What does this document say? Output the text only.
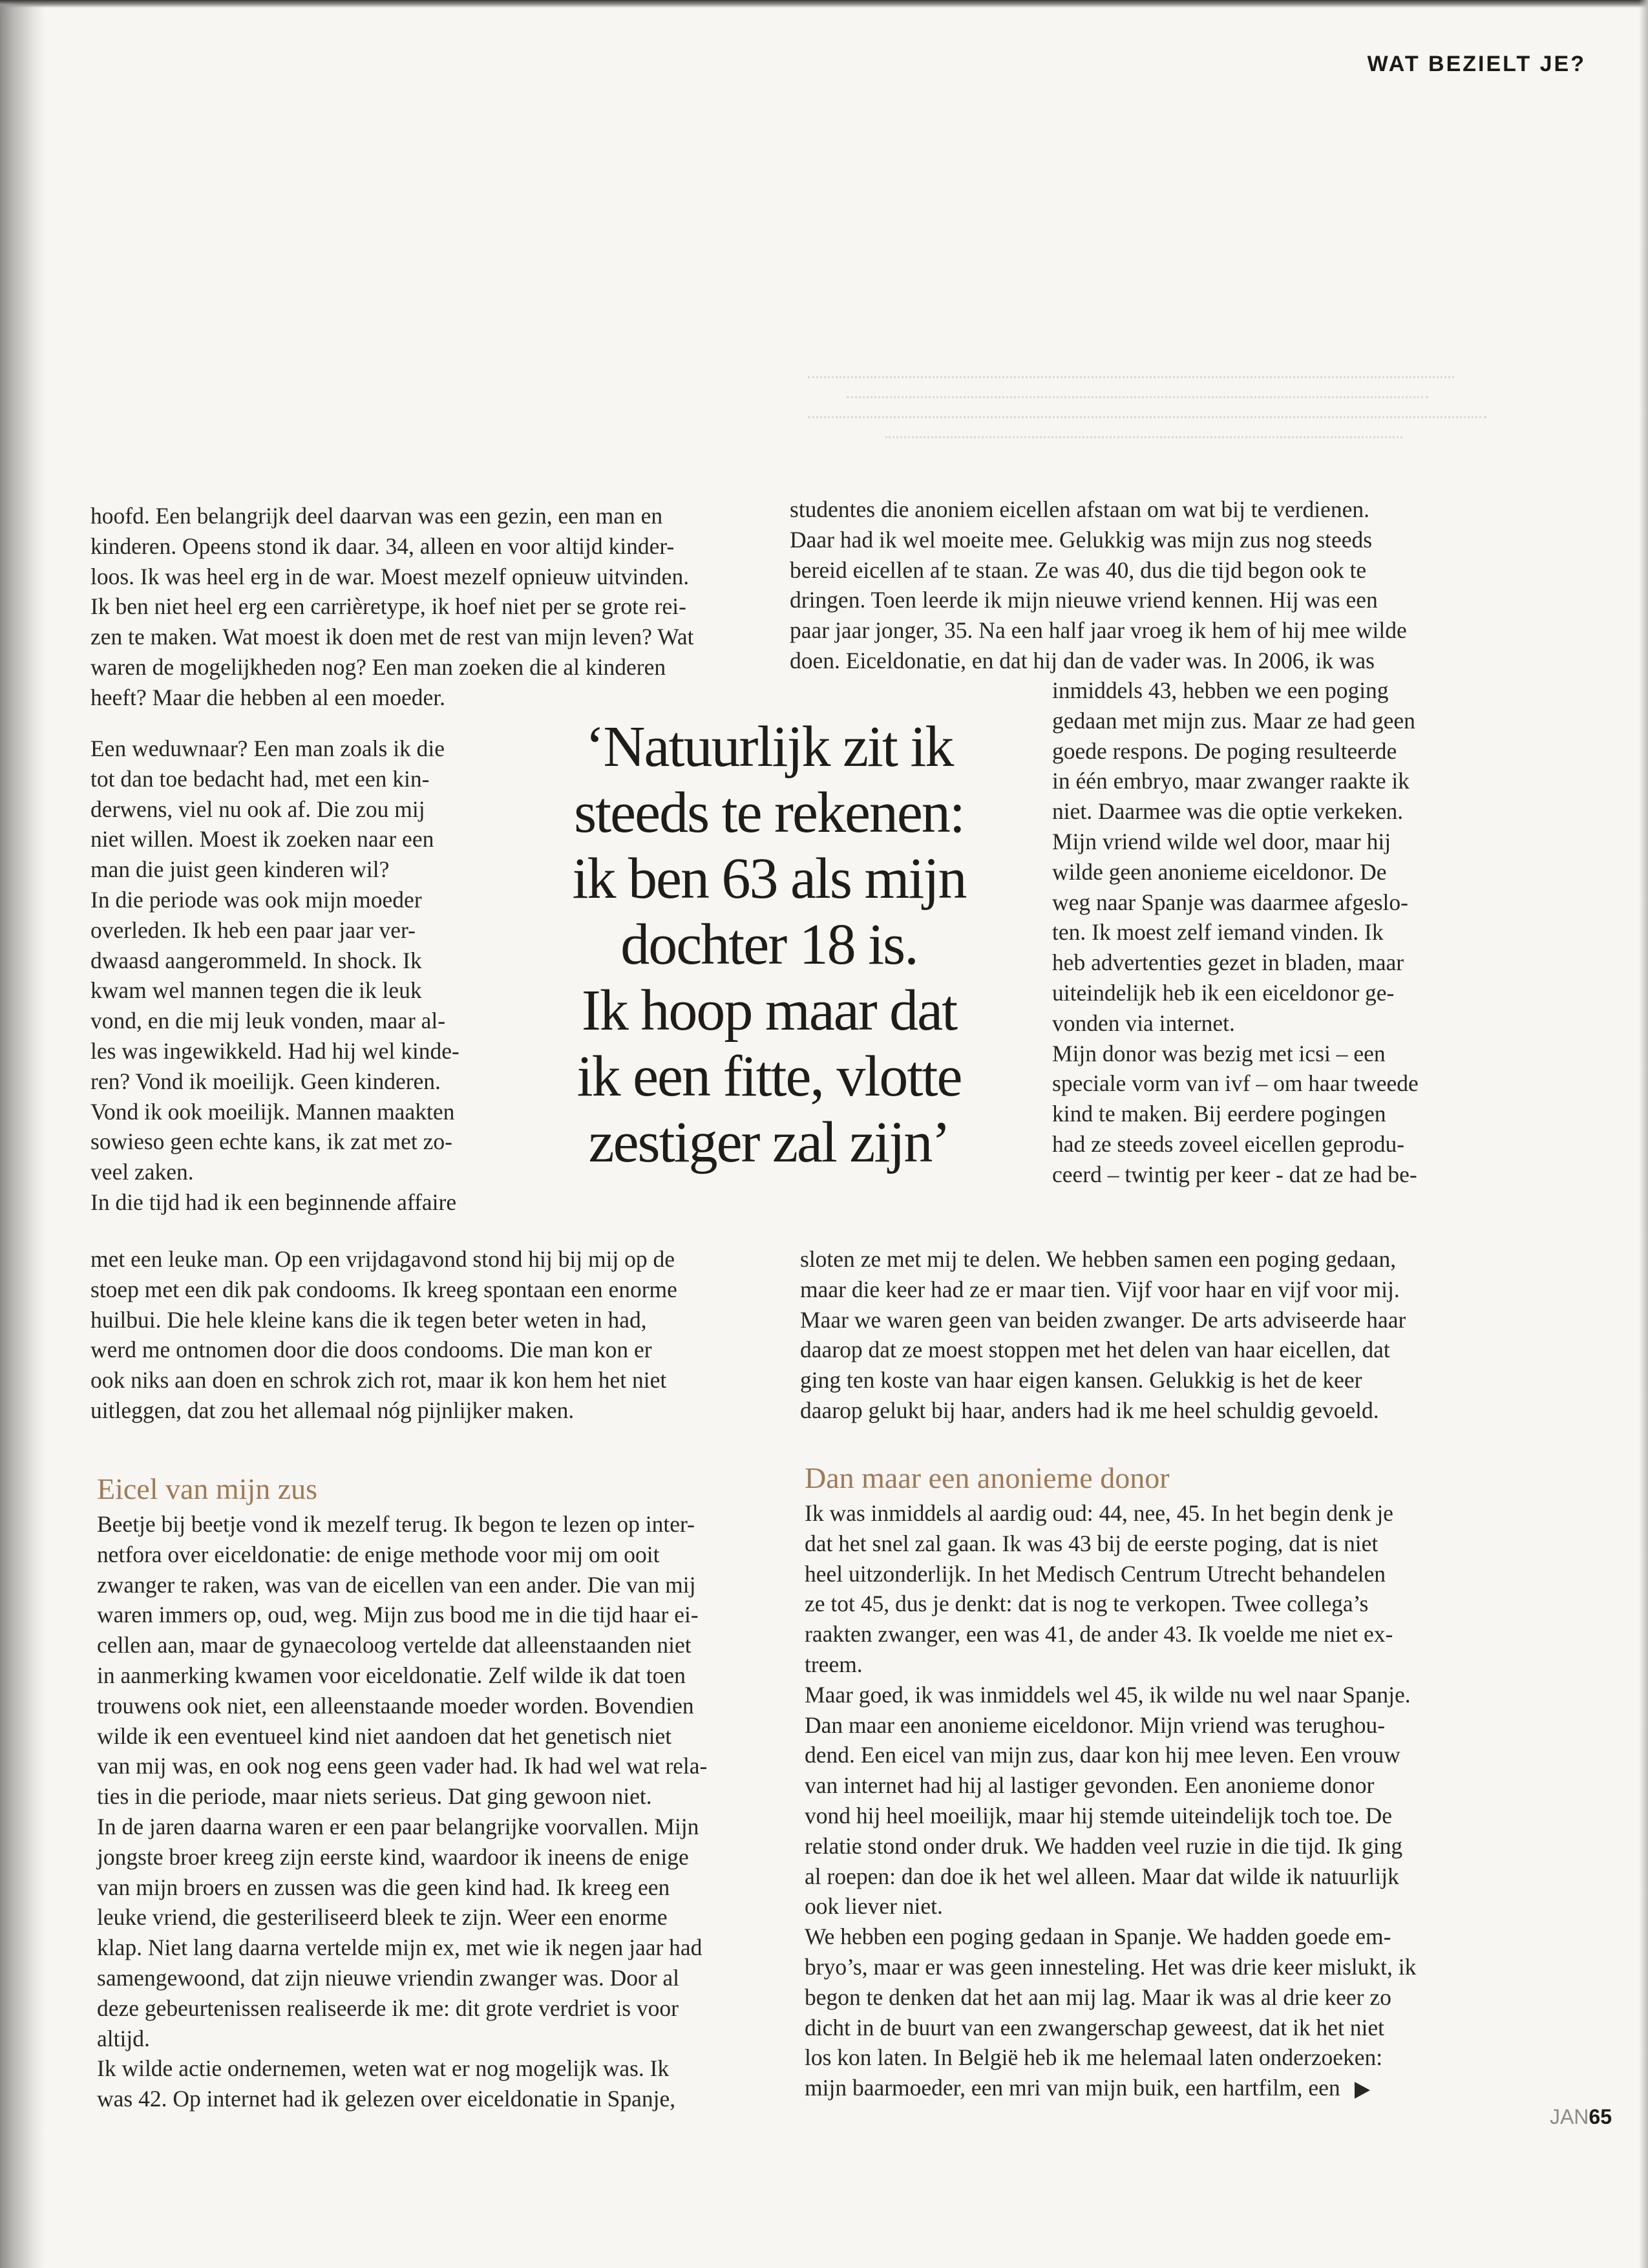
WAT BEZIELT JE?
hoofd. Een belangrijk deel daarvan was een gezin, een man en
kinderen. Opeens stond ik daar. 34, alleen en voor altijd kinder-
loos. Ik was heel erg in de war. Moest mezelf opnieuw uitvinden.
Ik ben niet heel erg een carrièretype, ik hoef niet per se grote rei-
zen te maken. Wat moest ik doen met de rest van mijn leven? Wat
waren de mogelijkheden nog? Een man zoeken die al kinderen
heeft? Maar die hebben al een moeder.
Een weduwnaar? Een man zoals ik die
tot dan toe bedacht had, met een kin-
derwens, viel nu ook af. Die zou mij
niet willen. Moest ik zoeken naar een
man die juist geen kinderen wil?
In die periode was ook mijn moeder
overleden. Ik heb een paar jaar ver-
dwaasd aangerommeld. In shock. Ik
kwam wel mannen tegen die ik leuk
vond, en die mij leuk vonden, maar al-
les was ingewikkeld. Had hij wel kinde-
ren? Vond ik moeilijk. Geen kinderen.
Vond ik ook moeilijk. Mannen maakten
sowieso geen echte kans, ik zat met zo-
veel zaken.
In die tijd had ik een beginnende affaire
met een leuke man. Op een vrijdagavond stond hij bij mij op de
stoep met een dik pak condooms. Ik kreeg spontaan een enorme
huilbui. Die hele kleine kans die ik tegen beter weten in had,
werd me ontnomen door die doos condooms. Die man kon er
ook niks aan doen en schrok zich rot, maar ik kon hem het niet
uitleggen, dat zou het allemaal nóg pijnlijker maken.
Eicel van mijn zus
Beetje bij beetje vond ik mezelf terug. Ik begon te lezen op inter-
netfora over eiceldonatie: de enige methode voor mij om ooit
zwanger te raken, was van de eicellen van een ander. Die van mij
waren immers op, oud, weg. Mijn zus bood me in die tijd haar ei-
cellen aan, maar de gynaecoloog vertelde dat alleenstaanden niet
in aanmerking kwamen voor eiceldonatie. Zelf wilde ik dat toen
trouwens ook niet, een alleenstaande moeder worden. Bovendien
wilde ik een eventueel kind niet aandoen dat het genetisch niet
van mij was, en ook nog eens geen vader had. Ik had wel wat rela-
ties in die periode, maar niets serieus. Dat ging gewoon niet.
In de jaren daarna waren er een paar belangrijke voorvallen. Mijn
jongste broer kreeg zijn eerste kind, waardoor ik ineens de enige
van mijn broers en zussen was die geen kind had. Ik kreeg een
leuke vriend, die gesteriliseerd bleek te zijn. Weer een enorme
klap. Niet lang daarna vertelde mijn ex, met wie ik negen jaar had
samengewoond, dat zijn nieuwe vriendin zwanger was. Door al
deze gebeurtenissen realiseerde ik me: dit grote verdriet is voor
altijd.
Ik wilde actie ondernemen, weten wat er nog mogelijk was. Ik
was 42. Op internet had ik gelezen over eiceldonatie in Spanje,
‘Natuurlijk zit ik
steeds te rekenen:
ik ben 63 als mijn
dochter 18 is.
Ik hoop maar dat
ik een fitte, vlotte
zestiger zal zijn’
studentes die anoniem eicellen afstaan om wat bij te verdienen.
Daar had ik wel moeite mee. Gelukkig was mijn zus nog steeds
bereid eicellen af te staan. Ze was 40, dus die tijd begon ook te
dringen. Toen leerde ik mijn nieuwe vriend kennen. Hij was een
paar jaar jonger, 35. Na een half jaar vroeg ik hem of hij mee wilde
doen. Eiceldonatie, en dat hij dan de vader was. In 2006, ik was
inmiddels 43, hebben we een poging
gedaan met mijn zus. Maar ze had geen
goede respons. De poging resulteerde
in één embryo, maar zwanger raakte ik
niet. Daarmee was die optie verkeken.
Mijn vriend wilde wel door, maar hij
wilde geen anonieme eiceldonor. De
weg naar Spanje was daarmee afgeslo-
ten. Ik moest zelf iemand vinden. Ik
heb advertenties gezet in bladen, maar
uiteindelijk heb ik een eiceldonor ge-
vonden via internet.
Mijn donor was bezig met icsi – een
speciale vorm van ivf – om haar tweede
kind te maken. Bij eerdere pogingen
had ze steeds zoveel eicellen geprodu-
ceerd – twintig per keer - dat ze had be-
sloten ze met mij te delen. We hebben samen een poging gedaan,
maar die keer had ze er maar tien. Vijf voor haar en vijf voor mij.
Maar we waren geen van beiden zwanger. De arts adviseerde haar
daarop dat ze moest stoppen met het delen van haar eicellen, dat
ging ten koste van haar eigen kansen. Gelukkig is het de keer
daarop gelukt bij haar, anders had ik me heel schuldig gevoeld.
Dan maar een anonieme donor
Ik was inmiddels al aardig oud: 44, nee, 45. In het begin denk je
dat het snel zal gaan. Ik was 43 bij de eerste poging, dat is niet
heel uitzonderlijk. In het Medisch Centrum Utrecht behandelen
ze tot 45, dus je denkt: dat is nog te verkopen. Twee collega’s
raakten zwanger, een was 41, de ander 43. Ik voelde me niet ex-
treem.
Maar goed, ik was inmiddels wel 45, ik wilde nu wel naar Spanje.
Dan maar een anonieme eiceldonor. Mijn vriend was terughou-
dend. Een eicel van mijn zus, daar kon hij mee leven. Een vrouw
van internet had hij al lastiger gevonden. Een anonieme donor
vond hij heel moeilijk, maar hij stemde uiteindelijk toch toe. De
relatie stond onder druk. We hadden veel ruzie in die tijd. Ik ging
al roepen: dan doe ik het wel alleen. Maar dat wilde ik natuurlijk
ook liever niet.
We hebben een poging gedaan in Spanje. We hadden goede em-
bryo’s, maar er was geen innesteling. Het was drie keer mislukt, ik
begon te denken dat het aan mij lag. Maar ik was al drie keer zo
dicht in de buurt van een zwangerschap geweest, dat ik het niet
los kon laten. In België heb ik me helemaal laten onderzoeken:
mijn baarmoeder, een mri van mijn buik, een hartfilm, een
JAN65
